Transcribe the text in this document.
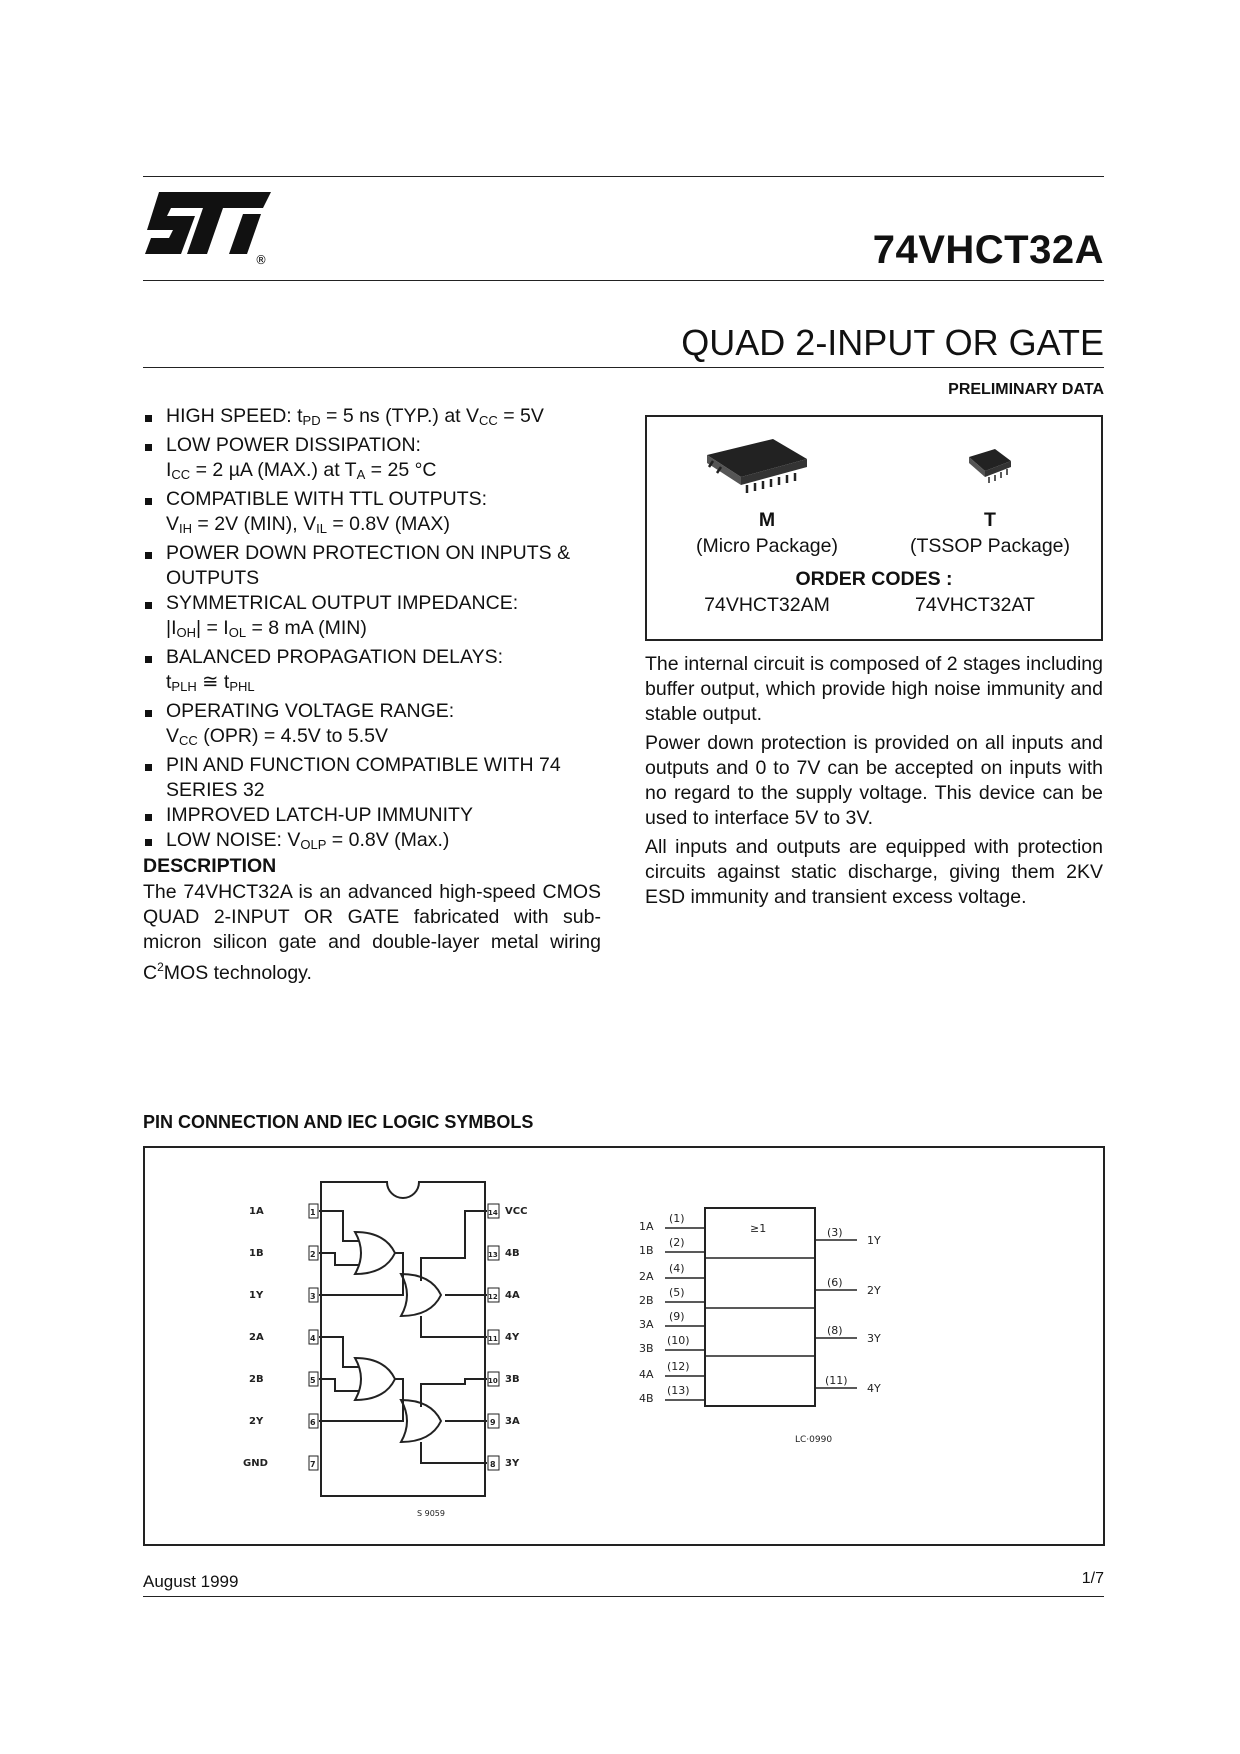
®	74VHCT32A
QUAD 2-INPUT OR GATE
PRELIMINARY DATA
HIGH SPEED: $t_{PD} = 5$ ns (TYP.) at $V_{CC} = 5V$
LOW POWER DISSIPATION:
$I_{CC} = 2$ µA (MAX.) at $T_A = 25$ °C
COMPATIBLE WITH TTL OUTPUTS:
$V_{IH} = 2V$ (MIN), $V_{IL} = 0.8V$ (MAX)
POWER DOWN PROTECTION ON INPUTS & OUTPUTS
SYMMETRICAL OUTPUT IMPEDANCE:
$|I_{OH}| = I_{OL} = 8$ mA (MIN)
BALANCED PROPAGATION DELAYS:
$t_{PLH}$ ≅ $t_{PHL}$
OPERATING VOLTAGE RANGE:
$V_{CC}$ (OPR) = 4.5V to 5.5V
PIN AND FUNCTION COMPATIBLE WITH 74 SERIES 32
IMPROVED LATCH-UP IMMUNITY
LOW NOISE: $V_{OLP} = 0.8V$ (Max.)
DESCRIPTION
The 74VHCT32A is an advanced high-speed CMOS QUAD 2-INPUT OR GATE fabricated with sub-micron silicon gate and double-layer metal wiring $C^2MOS$ technology.
M
(Micro Package)
T
(TSSOP Package)
ORDER CODES :
74VHCT32AM	74VHCT32AT

The internal circuit is composed of 2 stages including buffer output, which provide high noise immunity and stable output.

Power down protection is provided on all inputs and outputs and 0 to 7V can be accepted on inputs with no regard to the supply voltage. This device can be used to interface 5V to 3V.

All inputs and outputs are equipped with protection circuits against static discharge, giving them 2KV ESD immunity and transient excess voltage.

PIN CONNECTION AND IEC LOGIC SYMBOLS
1A	1
1B	2
1Y	3
2A	4
2B	5
2Y	6
GND	7
14 VCC
13 4B
12 4A
11 4Y
10 3B
9 3A
8 3Y
S 9059
≥1
1A
1B
2A
2B
3A
3B
4A
4B
(1)
(2)
(4)
(5)
(9)
(10)
(12)
(13)
(3)
(6)
(8)
(11)
1Y
2Y
3Y
4Y
LC·0990
August 1999	1/7
